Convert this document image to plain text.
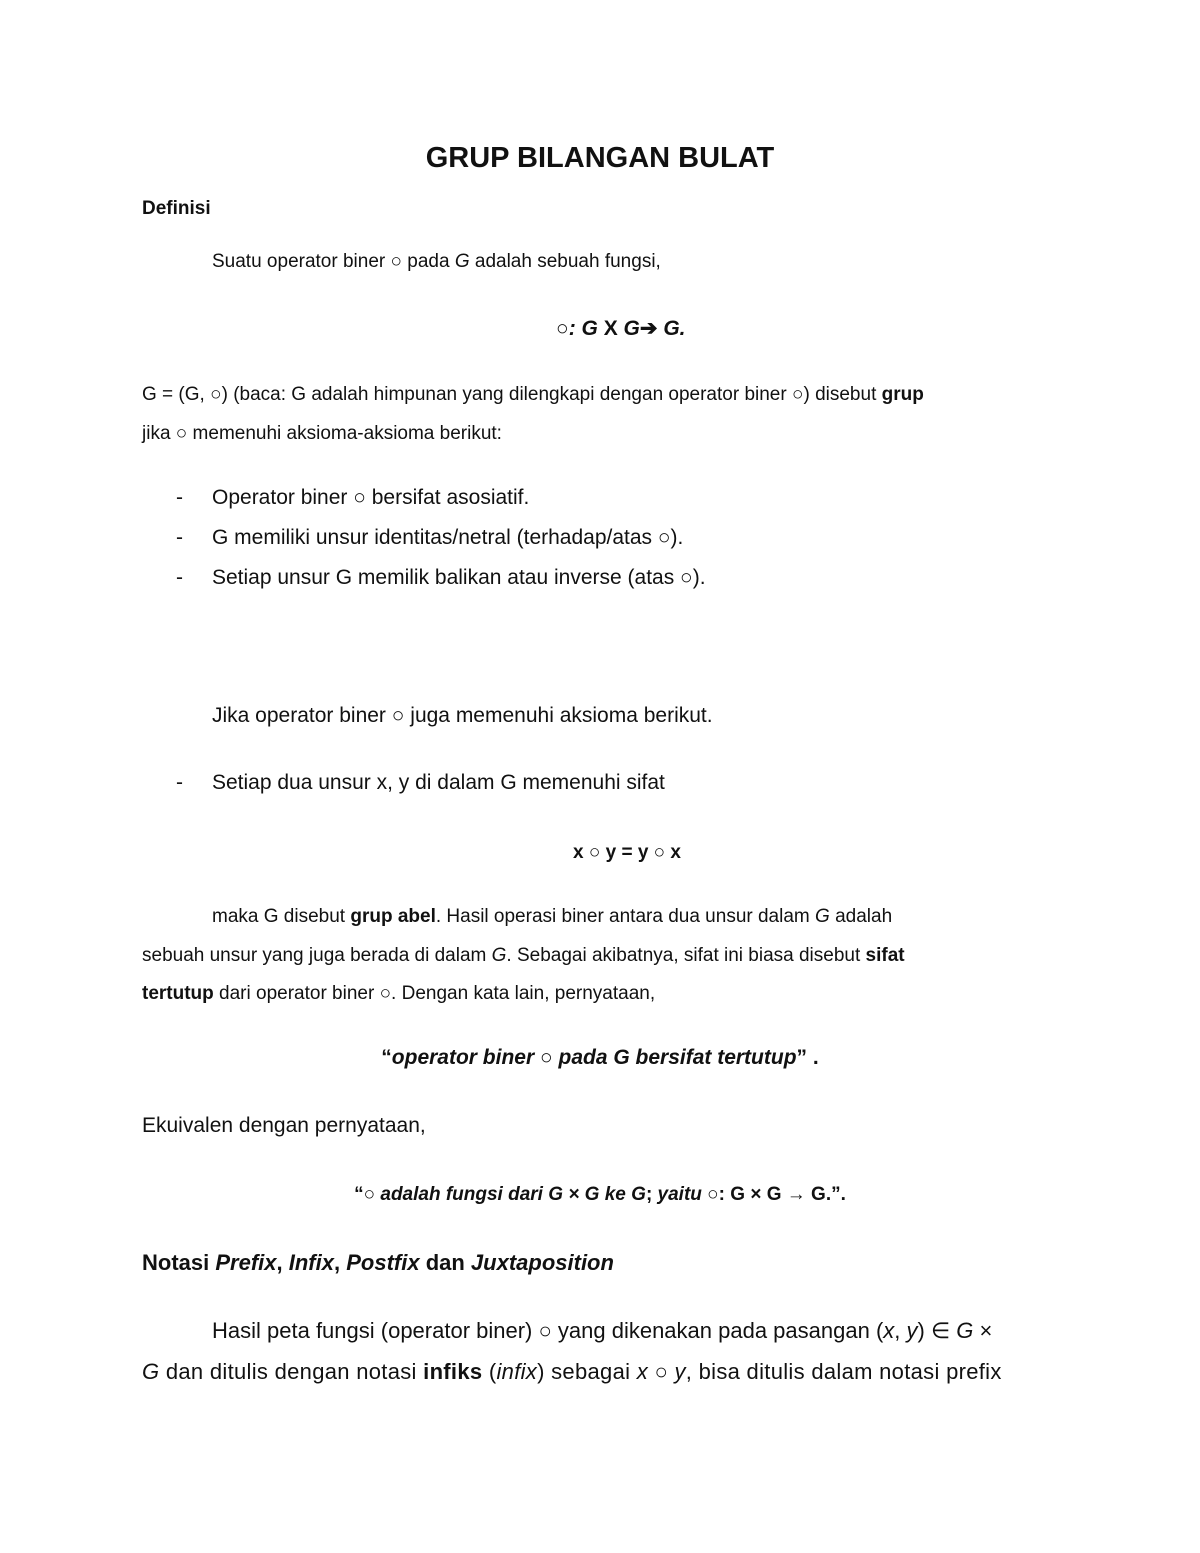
GRUP BILANGAN BULAT
Definisi
Suatu operator biner ○ pada G adalah sebuah fungsi,
○: G X G➔ G.
G = (G, ○) (baca: G adalah himpunan yang dilengkapi dengan operator biner ○) disebut grup
jika ○ memenuhi aksioma-aksioma berikut:
- Operator biner ○ bersifat asosiatif.
- G memiliki unsur identitas/netral (terhadap/atas ○).
- Setiap unsur G memilik balikan atau inverse (atas ○).
Jika operator biner ○ juga memenuhi aksioma berikut.
- Setiap dua unsur x, y di dalam G memenuhi sifat
x ○ y = y ○ x
maka G disebut grup abel. Hasil operasi biner antara dua unsur dalam G adalah
sebuah unsur yang juga berada di dalam G. Sebagai akibatnya, sifat ini biasa disebut sifat
tertutup dari operator biner ○. Dengan kata lain, pernyataan,
“operator biner ○ pada G bersifat tertutup” .
Ekuivalen dengan pernyataan,
“○ adalah fungsi dari G × G ke G; yaitu ○: G × G → G.”.
Notasi Prefix, Infix, Postfix dan Juxtaposition
Hasil peta fungsi (operator biner) ○ yang dikenakan pada pasangan (x, y) ∈ G ×
G dan ditulis dengan notasi infiks (infix) sebagai x ○ y, bisa ditulis dalam notasi prefix
